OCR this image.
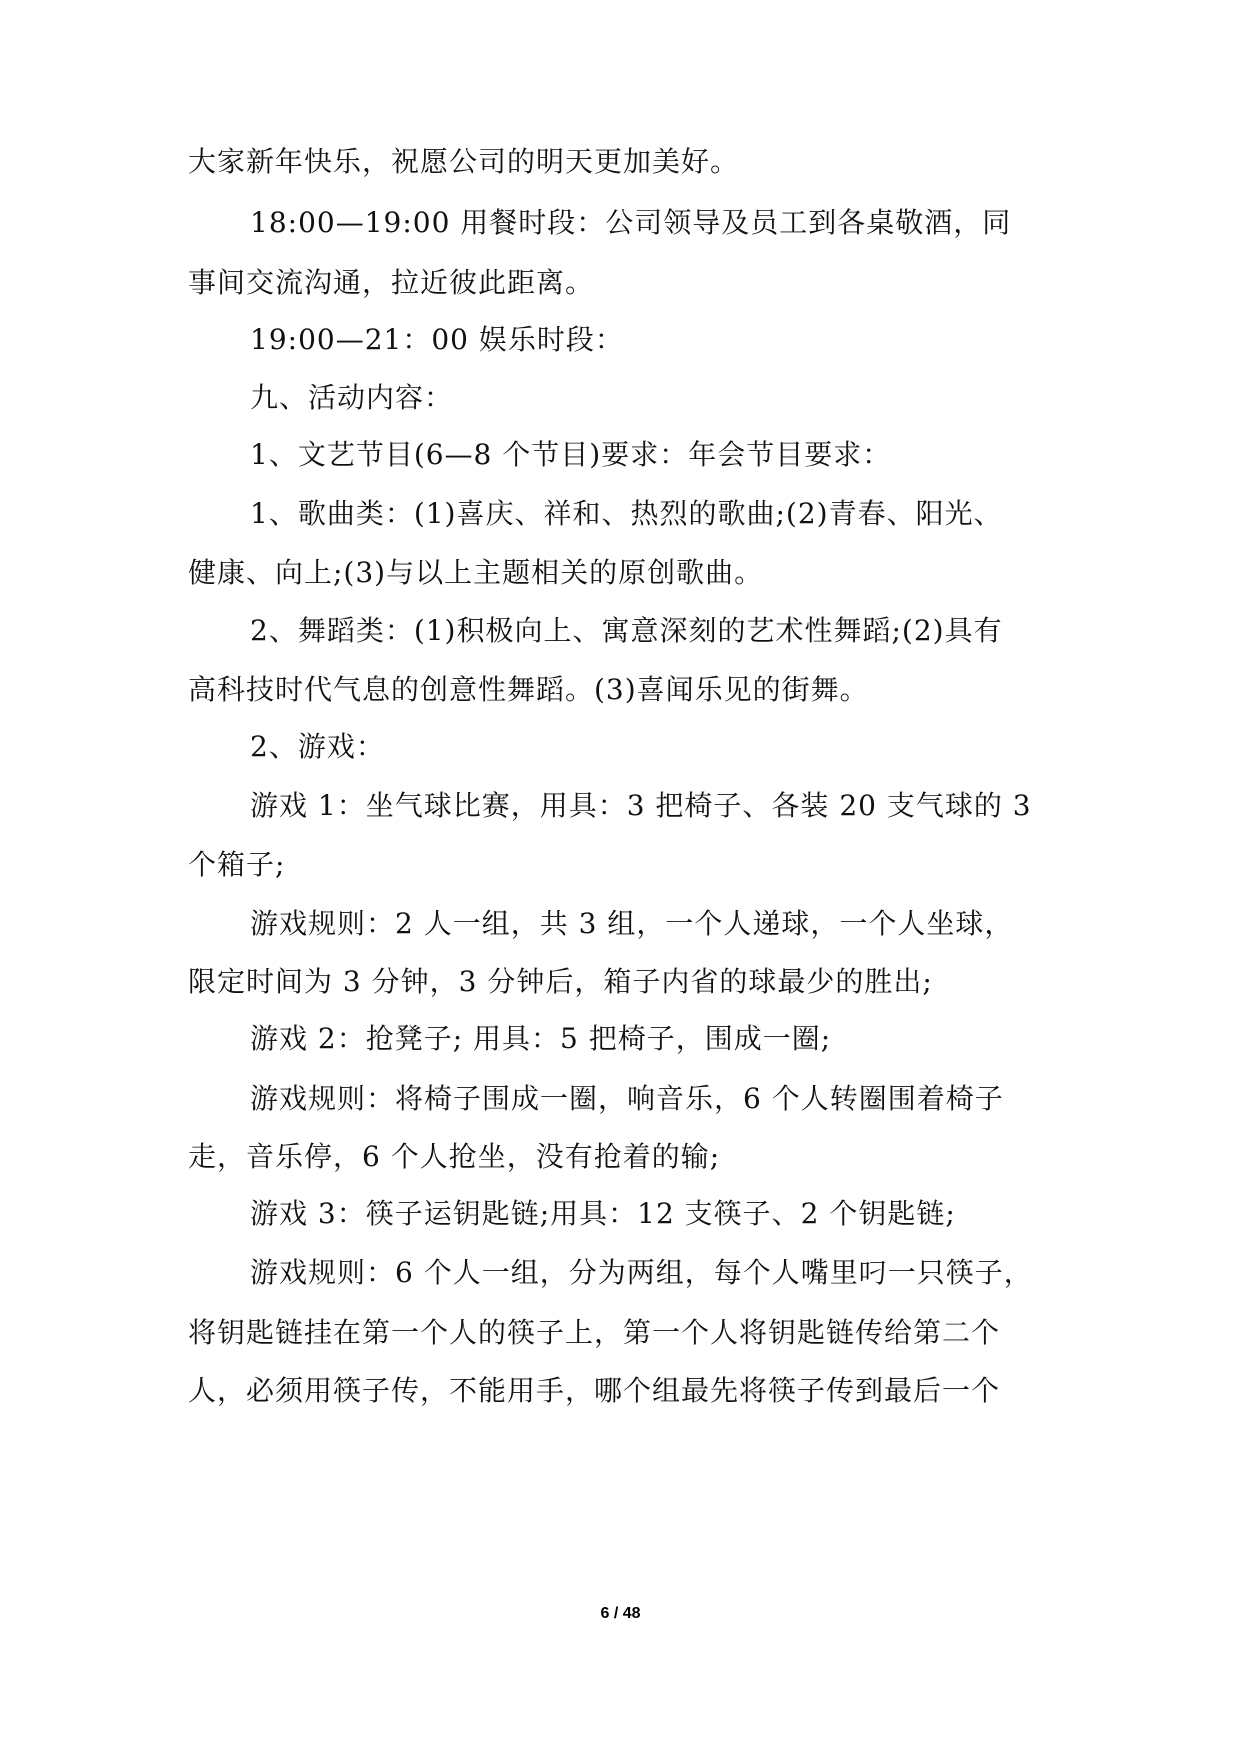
大家新年快乐，祝愿公司的明天更加美好。
18:00—19:00 用餐时段：公司领导及员工到各桌敬酒，同
事间交流沟通，拉近彼此距离。
19:00—21：00 娱乐时段：
九、活动内容：
1、文艺节目(6—8 个节目)要求：年会节目要求：
1、歌曲类：(1)喜庆、祥和、热烈的歌曲;(2)青春、阳光、
健康、向上;(3)与以上主题相关的原创歌曲。
2、舞蹈类：(1)积极向上、寓意深刻的艺术性舞蹈;(2)具有
高科技时代气息的创意性舞蹈。(3)喜闻乐见的街舞。
2、游戏：
游戏 1：坐气球比赛，用具：3 把椅子、各装 20 支气球的 3
个箱子;
游戏规则：2 人一组，共 3 组，一个人递球，一个人坐球，
限定时间为 3 分钟，3 分钟后，箱子内省的球最少的胜出;
游戏 2：抢凳子; 用具：5 把椅子，围成一圈;
游戏规则：将椅子围成一圈，响音乐，6 个人转圈围着椅子
走，音乐停，6 个人抢坐，没有抢着的输;
游戏 3：筷子运钥匙链;用具：12 支筷子、2 个钥匙链;
游戏规则：6 个人一组，分为两组，每个人嘴里叼一只筷子，
将钥匙链挂在第一个人的筷子上，第一个人将钥匙链传给第二个
人，必须用筷子传，不能用手，哪个组最先将筷子传到最后一个
6 / 48
